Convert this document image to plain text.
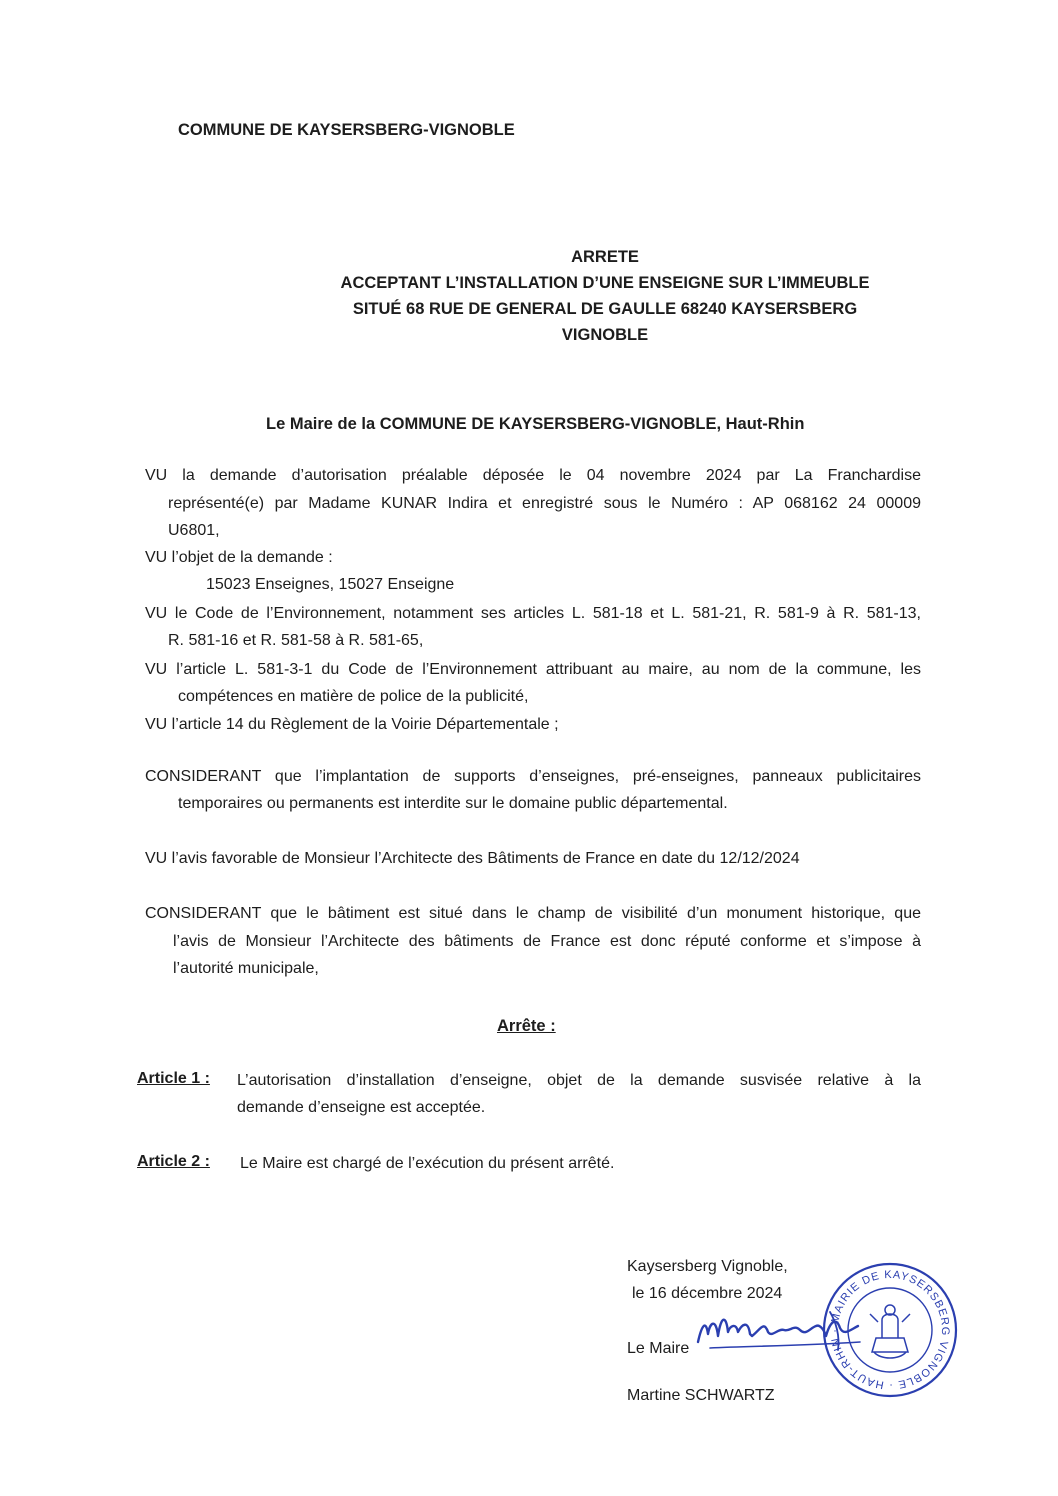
COMMUNE DE KAYSERSBERG-VIGNOBLE
ARRETE
ACCEPTANT L’INSTALLATION D’UNE ENSEIGNE SUR L’IMMEUBLE
SITUÉ 68 RUE DE GENERAL DE GAULLE 68240 KAYSERSBERG
VIGNOBLE
Le Maire de la COMMUNE DE KAYSERSBERG-VIGNOBLE, Haut-Rhin
VU la demande d’autorisation préalable déposée le 04 novembre 2024 par La Franchardise
représenté(e) par Madame KUNAR Indira et enregistré sous le Numéro : AP 068162 24 00009
U6801,
VU l’objet de la demande :
15023 Enseignes, 15027 Enseigne
VU le Code de l’Environnement, notamment ses articles L. 581-18 et L. 581-21, R. 581-9 à R. 581-13,
R. 581-16 et R. 581-58 à R. 581-65,
VU l’article L. 581-3-1 du Code de l’Environnement attribuant au maire, au nom de la commune, les
compétences en matière de police de la publicité,
VU l’article 14 du Règlement de la Voirie Départementale ;
CONSIDERANT que l’implantation de supports d’enseignes, pré-enseignes, panneaux publicitaires
temporaires ou permanents est interdite sur le domaine public départemental.
VU l’avis favorable de Monsieur l’Architecte des Bâtiments de France en date du 12/12/2024
CONSIDERANT que le bâtiment est situé dans le champ de visibilité d’un monument historique, que
l’avis de Monsieur l’Architecte des bâtiments de France est donc réputé conforme et s’impose à
l’autorité municipale,
Arrête :
Article 1 : L’autorisation d’installation d’enseigne, objet de la demande susvisée relative à la
demande d’enseigne est acceptée.
Article 2 : Le Maire est chargé de l’exécution du présent arrêté.
Kaysersberg Vignoble,
le 16 décembre 2024
Le Maire
Martine SCHWARTZ
MAIRIE DE KAYSERSBERG VIGNOBLE · HAUT-RHIN ·
